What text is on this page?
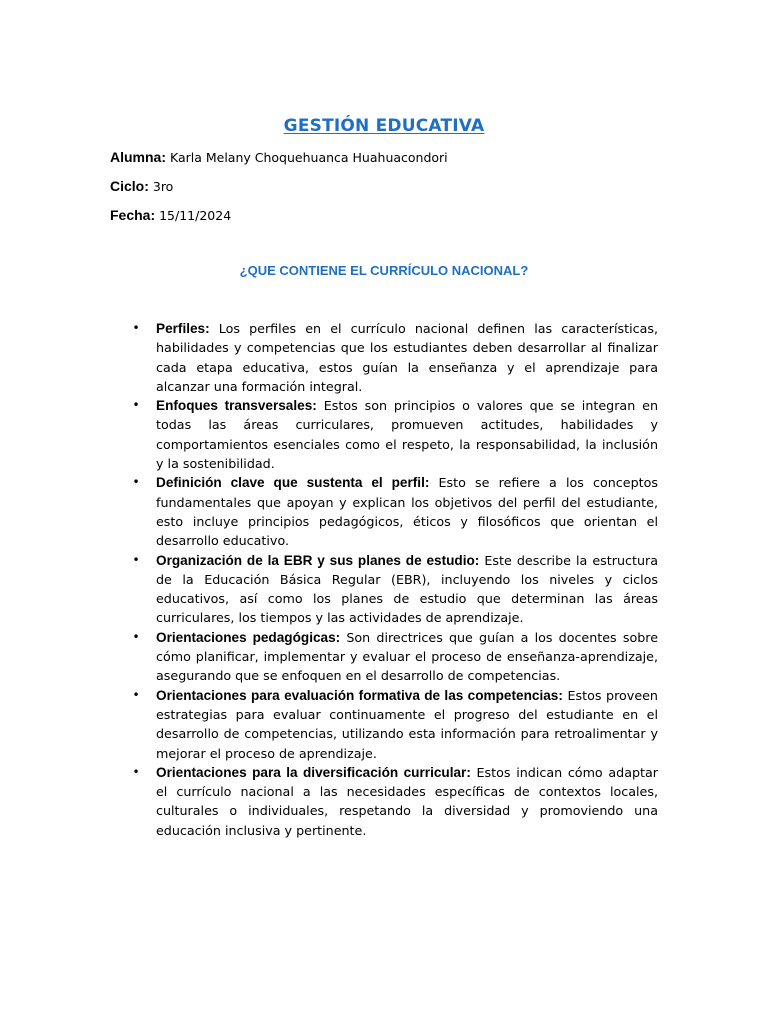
GESTIÓN EDUCATIVA
Alumna: Karla Melany Choquehuanca Huahuacondori
Ciclo: 3ro
Fecha: 15/11/2024
¿QUE CONTIENE EL CURRÍCULO NACIONAL?
• Perfiles: Los perfiles en el currículo nacional definen las características, habilidades y competencias que los estudiantes deben desarrollar al finalizar cada etapa educativa, estos guían la enseñanza y el aprendizaje para alcanzar una formación integral.
• Enfoques transversales: Estos son principios o valores que se integran en todas las áreas curriculares, promueven actitudes, habilidades y comportamientos esenciales como el respeto, la responsabilidad, la inclusión y la sostenibilidad.
• Definición clave que sustenta el perfil: Esto se refiere a los conceptos fundamentales que apoyan y explican los objetivos del perfil del estudiante, esto incluye principios pedagógicos, éticos y filosóficos que orientan el desarrollo educativo.
• Organización de la EBR y sus planes de estudio: Este describe la estructura de la Educación Básica Regular (EBR), incluyendo los niveles y ciclos educativos, así como los planes de estudio que determinan las áreas curriculares, los tiempos y las actividades de aprendizaje.
• Orientaciones pedagógicas: Son directrices que guían a los docentes sobre cómo planificar, implementar y evaluar el proceso de enseñanza-aprendizaje, asegurando que se enfoquen en el desarrollo de competencias.
• Orientaciones para evaluación formativa de las competencias: Estos proveen estrategias para evaluar continuamente el progreso del estudiante en el desarrollo de competencias, utilizando esta información para retroalimentar y mejorar el proceso de aprendizaje.
• Orientaciones para la diversificación curricular: Estos indican cómo adaptar el currículo nacional a las necesidades específicas de contextos locales, culturales o individuales, respetando la diversidad y promoviendo una educación inclusiva y pertinente.
